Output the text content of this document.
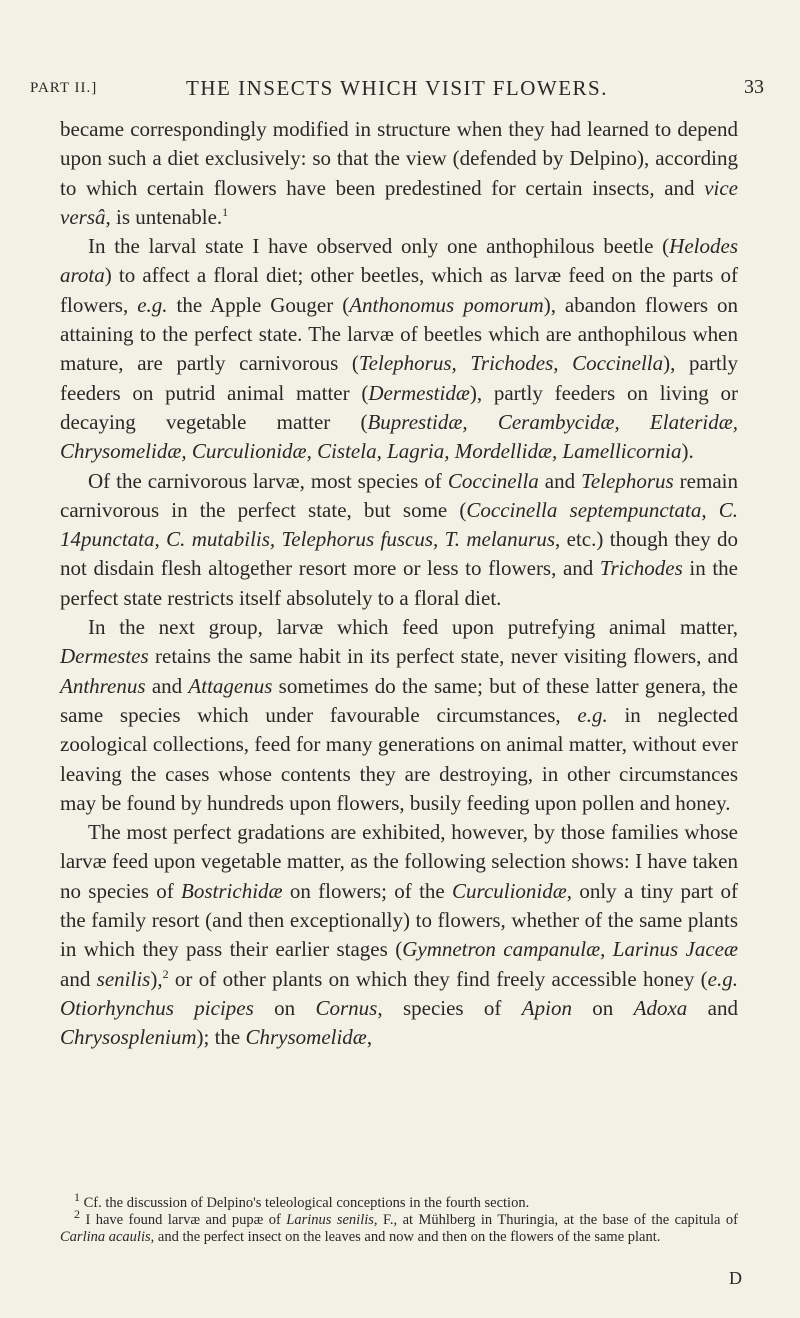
PART II.]	THE INSECTS WHICH VISIT FLOWERS.	33

became correspondingly modified in structure when they had learned to depend upon such a diet exclusively: so that the view (defended by Delpino), according to which certain flowers have been predestined for certain insects, and vice versâ, is untenable.$^1$

In the larval state I have observed only one anthophilous beetle (Helodes arota) to affect a floral diet; other beetles, which as larvæ feed on the parts of flowers, e.g. the Apple Gouger (Anthonomus pomorum), abandon flowers on attaining to the perfect state. The larvæ of beetles which are anthophilous when mature, are partly carnivorous (Telephorus, Trichodes, Coccinella), partly feeders on putrid animal matter (Dermestidæ), partly feeders on living or decaying vegetable matter (Buprestidæ, Cerambycidæ, Elateridæ, Chrysomelidæ, Curculionidæ, Cistela, Lagria, Mordellidæ, Lamellicornia).

Of the carnivorous larvæ, most species of Coccinella and Telephorus remain carnivorous in the perfect state, but some (Coccinella septempunctata, C. 14punctata, C. mutabilis, Telephorus fuscus, T. melanurus, etc.) though they do not disdain flesh altogether resort more or less to flowers, and Trichodes in the perfect state restricts itself absolutely to a floral diet.

In the next group, larvæ which feed upon putrefying animal matter, Dermestes retains the same habit in its perfect state, never visiting flowers, and Anthrenus and Attagenus sometimes do the same; but of these latter genera, the same species which under favourable circumstances, e.g. in neglected zoological collections, feed for many generations on animal matter, without ever leaving the cases whose contents they are destroying, in other circumstances may be found by hundreds upon flowers, busily feeding upon pollen and honey.

The most perfect gradations are exhibited, however, by those families whose larvæ feed upon vegetable matter, as the following selection shows: I have taken no species of Bostrichidæ on flowers; of the Curculionidæ, only a tiny part of the family resort (and then exceptionally) to flowers, whether of the same plants in which they pass their earlier stages (Gymnetron campanulæ, Larinus Jaceæ and senilis),$^2$ or of other plants on which they find freely accessible honey (e.g. Otiorhynchus picipes on Cornus, species of Apion on Adoxa and Chrysosplenium); the Chrysomelidæ,

$^1$ Cf. the discussion of Delpino's teleological conceptions in the fourth section.

$^2$ I have found larvæ and pupæ of Larinus senilis, F., at Mühlberg in Thuringia, at the base of the capitula of Carlina acaulis, and the perfect insect on the leaves and now and then on the flowers of the same plant.

D
